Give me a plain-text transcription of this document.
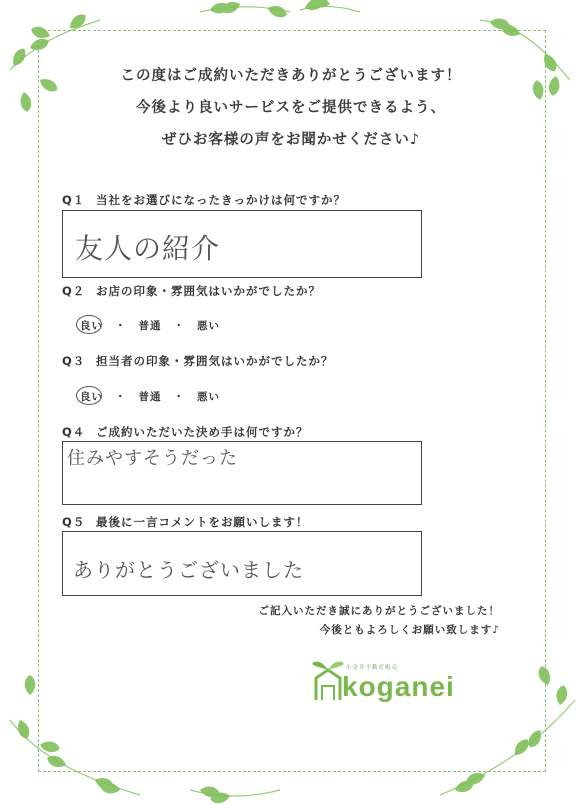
この度はご成約いただきありがとうございます！
今後より良いサービスをご提供できるよう、
ぜひお客様の声をお聞かせください♪
Q１ 当社をお選びになったきっかけは何ですか？
友人の紹介
Q２ お店の印象・雰囲気はいかがでしたか？
良い ・ 普通 ・ 悪い
Q３ 担当者の印象・雰囲気はいかがでしたか？
良い ・ 普通 ・ 悪い
Q４ ご成約いただいた決め手は何ですか？
住みやすそうだった
Q５ 最後に一言コメントをお願いします！
ありがとうございました
ご記入いただき誠にありがとうございました！
今後ともよろしくお願い致します♪
小金井不動産販売
koganei
